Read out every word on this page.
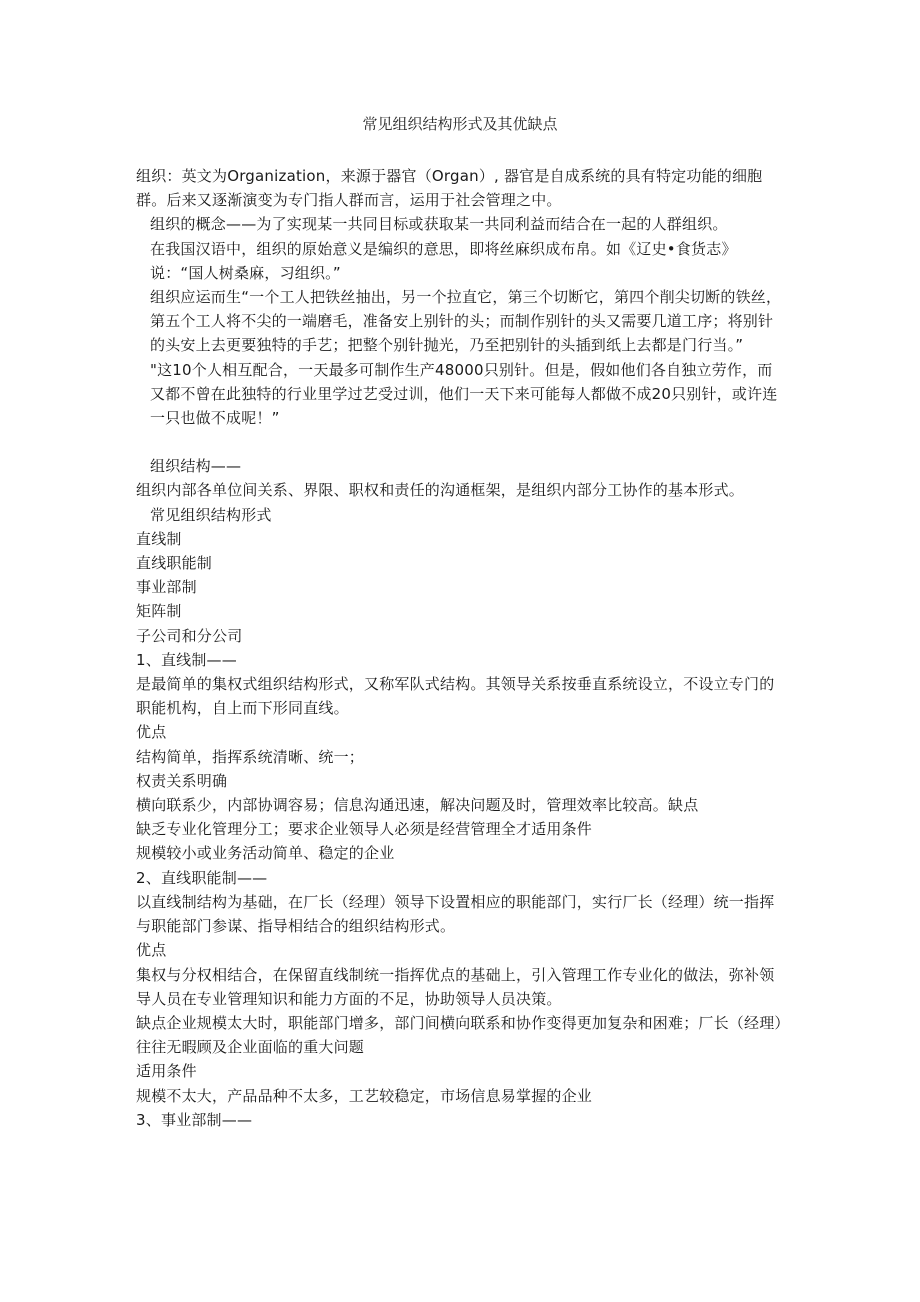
常见组织结构形式及其优缺点

组织：英文为Organization，来源于器官（Organ）, 器官是自成系统的具有特定功能的细胞群。后来又逐渐演变为专门指人群而言，运用于社会管理之中。

组织的概念——为了实现某一共同目标或获取某一共同利益而结合在一起的人群组织。

在我国汉语中，组织的原始意义是编织的意思，即将丝麻织成布帛。如《辽史•食货志》说：“国人树桑麻，习组织。”

组织应运而生“一个工人把铁丝抽出，另一个拉直它，第三个切断它，第四个削尖切断的铁丝，第五个工人将不尖的一端磨毛，准备安上别针的头；而制作别针的头又需要几道工序；将别针的头安上去更要独特的手艺；把整个别针抛光，乃至把别针的头插到纸上去都是门行当。”

"这10个人相互配合，一天最多可制作生产48000只别针。但是，假如他们各自独立劳作，而又都不曾在此独特的行业里学过艺受过训，他们一天下来可能每人都做不成20只别针，或许连一只也做不成呢！”

组织结构——

组织内部各单位间关系、界限、职权和责任的沟通框架，是组织内部分工协作的基本形式。

常见组织结构形式

直线制

直线职能制

事业部制

矩阵制

子公司和分公司

1、直线制——

是最简单的集权式组织结构形式，又称军队式结构。其领导关系按垂直系统设立，不设立专门的职能机构，自上而下形同直线。

优点

结构简单，指挥系统清晰、统一；

权责关系明确

横向联系少，内部协调容易；信息沟通迅速，解决问题及时，管理效率比较高。缺点

缺乏专业化管理分工；要求企业领导人必须是经营管理全才适用条件

规模较小或业务活动简单、稳定的企业

2、直线职能制——

以直线制结构为基础，在厂长（经理）领导下设置相应的职能部门，实行厂长（经理）统一指挥与职能部门参谋、指导相结合的组织结构形式。

优点

集权与分权相结合，在保留直线制统一指挥优点的基础上，引入管理工作专业化的做法，弥补领导人员在专业管理知识和能力方面的不足，协助领导人员决策。

缺点企业规模太大时，职能部门增多，部门间横向联系和协作变得更加复杂和困难；厂长（经理）往往无暇顾及企业面临的重大问题

适用条件

规模不太大，产品品种不太多，工艺较稳定，市场信息易掌握的企业

3、事业部制——
